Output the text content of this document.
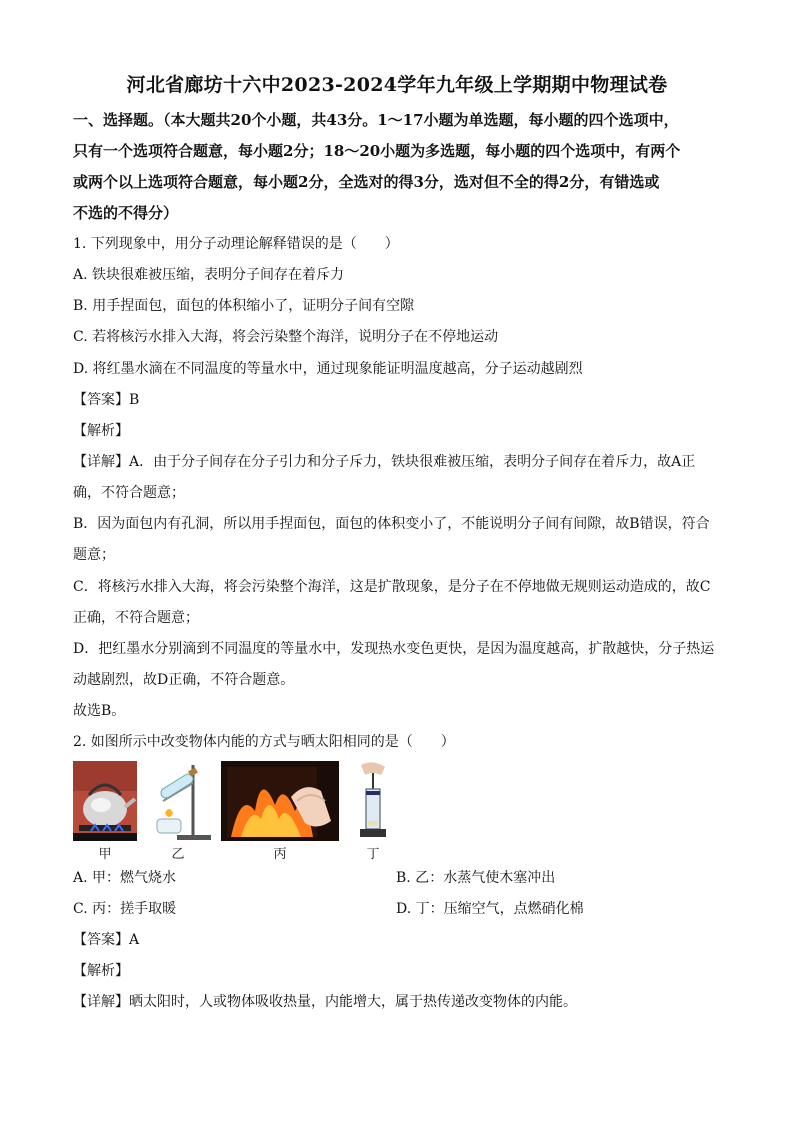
河北省廊坊十六中2023-2024学年九年级上学期期中物理试卷
一、选择题。（本大题共20个小题，共43分。1～17小题为单选题，每小题的四个选项中，
只有一个选项符合题意，每小题2分；18～20小题为多选题，每小题的四个选项中，有两个
或两个以上选项符合题意，每小题2分，全选对的得3分，选对但不全的得2分，有错选或
不选的不得分）
1. 下列现象中，用分子动理论解释错误的是（　　）
A. 铁块很难被压缩，表明分子间存在着斥力
B. 用手捏面包，面包的体积缩小了，证明分子间有空隙
C. 若将核污水排入大海，将会污染整个海洋，说明分子在不停地运动
D. 将红墨水滴在不同温度的等量水中，通过现象能证明温度越高，分子运动越剧烈
【答案】B
【解析】
【详解】A．由于分子间存在分子引力和分子斥力，铁块很难被压缩，表明分子间存在着斥力，故A正
确，不符合题意；
B．因为面包内有孔洞，所以用手捏面包，面包的体积变小了，不能说明分子间有间隙，故B错误，符合
题意；
C．将核污水排入大海，将会污染整个海洋，这是扩散现象，是分子在不停地做无规则运动造成的，故C
正确，不符合题意；
D．把红墨水分别滴到不同温度的等量水中，发现热水变色更快，是因为温度越高，扩散越快，分子热运
动越剧烈，故D正确，不符合题意。
故选B。
2. 如图所示中改变物体内能的方式与晒太阳相同的是（　　）
甲	乙	丙	丁
A. 甲：燃气烧水	B. 乙：水蒸气使木塞冲出
C. 丙：搓手取暖	D. 丁：压缩空气，点燃硝化棉
【答案】A
【解析】
【详解】晒太阳时，人或物体吸收热量，内能增大，属于热传递改变物体的内能。
